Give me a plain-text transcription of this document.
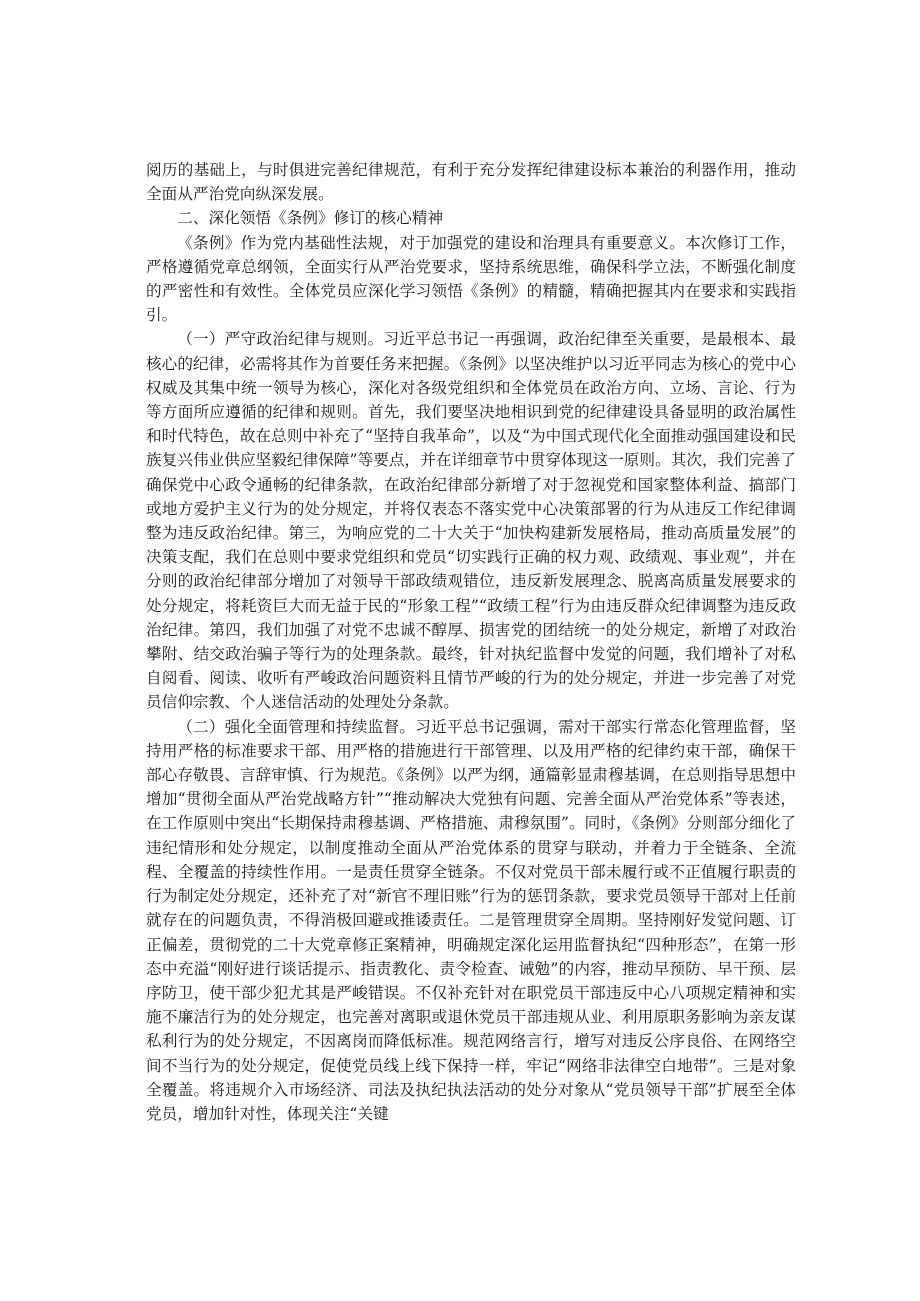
阅历的基础上，与时俱进完善纪律规范，有利于充分发挥纪律建设标本兼治的利器作用，推动全面从严治党向纵深发展。

二、深化领悟《条例》修订的核心精神

《条例》作为党内基础性法规，对于加强党的建设和治理具有重要意义。本次修订工作，严格遵循党章总纲领，全面实行从严治党要求，坚持系统思维，确保科学立法，不断强化制度的严密性和有效性。全体党员应深化学习领悟《条例》的精髓，精确把握其内在要求和实践指引。

（一）严守政治纪律与规则。习近平总书记一再强调，政治纪律至关重要，是最根本、最核心的纪律，必需将其作为首要任务来把握。《条例》以坚决维护以习近平同志为核心的党中心权威及其集中统一领导为核心，深化对各级党组织和全体党员在政治方向、立场、言论、行为等方面所应遵循的纪律和规则。首先，我们要坚决地相识到党的纪律建设具备显明的政治属性和时代特色，故在总则中补充了“坚持自我革命”，以及“为中国式现代化全面推动强国建设和民族复兴伟业供应坚毅纪律保障”等要点，并在详细章节中贯穿体现这一原则。其次，我们完善了确保党中心政令通畅的纪律条款，在政治纪律部分新增了对于忽视党和国家整体利益、搞部门或地方爱护主义行为的处分规定，并将仅表态不落实党中心决策部署的行为从违反工作纪律调整为违反政治纪律。第三，为响应党的二十大关于“加快构建新发展格局，推动高质量发展”的决策支配，我们在总则中要求党组织和党员“切实践行正确的权力观、政绩观、事业观”，并在分则的政治纪律部分增加了对领导干部政绩观错位，违反新发展理念、脱离高质量发展要求的处分规定，将耗资巨大而无益于民的“形象工程”“政绩工程”行为由违反群众纪律调整为违反政治纪律。第四，我们加强了对党不忠诚不醇厚、损害党的团结统一的处分规定，新增了对政治攀附、结交政治骗子等行为的处理条款。最终，针对执纪监督中发觉的问题，我们增补了对私自阅看、阅读、收听有严峻政治问题资料且情节严峻的行为的处分规定，并进一步完善了对党员信仰宗教、个人迷信活动的处理处分条款。

（二）强化全面管理和持续监督。习近平总书记强调，需对干部实行常态化管理监督，坚持用严格的标准要求干部、用严格的措施进行干部管理、以及用严格的纪律约束干部，确保干部心存敬畏、言辞审慎、行为规范。《条例》以严为纲，通篇彰显肃穆基调，在总则指导思想中增加“贯彻全面从严治党战略方针”“推动解决大党独有问题、完善全面从严治党体系”等表述，在工作原则中突出“长期保持肃穆基调、严格措施、肃穆氛围”。同时，《条例》分则部分细化了违纪情形和处分规定，以制度推动全面从严治党体系的贯穿与联动，并着力于全链条、全流程、全覆盖的持续性作用。一是责任贯穿全链条。不仅对党员干部未履行或不正值履行职责的行为制定处分规定，还补充了对“新官不理旧账”行为的惩罚条款，要求党员领导干部对上任前就存在的问题负责，不得消极回避或推诿责任。二是管理贯穿全周期。坚持刚好发觉问题、订正偏差，贯彻党的二十大党章修正案精神，明确规定深化运用监督执纪“四种形态”，在第一形态中充溢“刚好进行谈话提示、指责教化、责令检查、诫勉”的内容，推动早预防、早干预、层序防卫，使干部少犯尤其是严峻错误。不仅补充针对在职党员干部违反中心八项规定精神和实施不廉洁行为的处分规定，也完善对离职或退休党员干部违规从业、利用原职务影响为亲友谋私利行为的处分规定，不因离岗而降低标准。规范网络言行，增写对违反公序良俗、在网络空间不当行为的处分规定，促使党员线上线下保持一样，牢记“网络非法律空白地带”。三是对象全覆盖。将违规介入市场经济、司法及执纪执法活动的处分对象从“党员领导干部”扩展至全体党员，增加针对性，体现关注“关键
